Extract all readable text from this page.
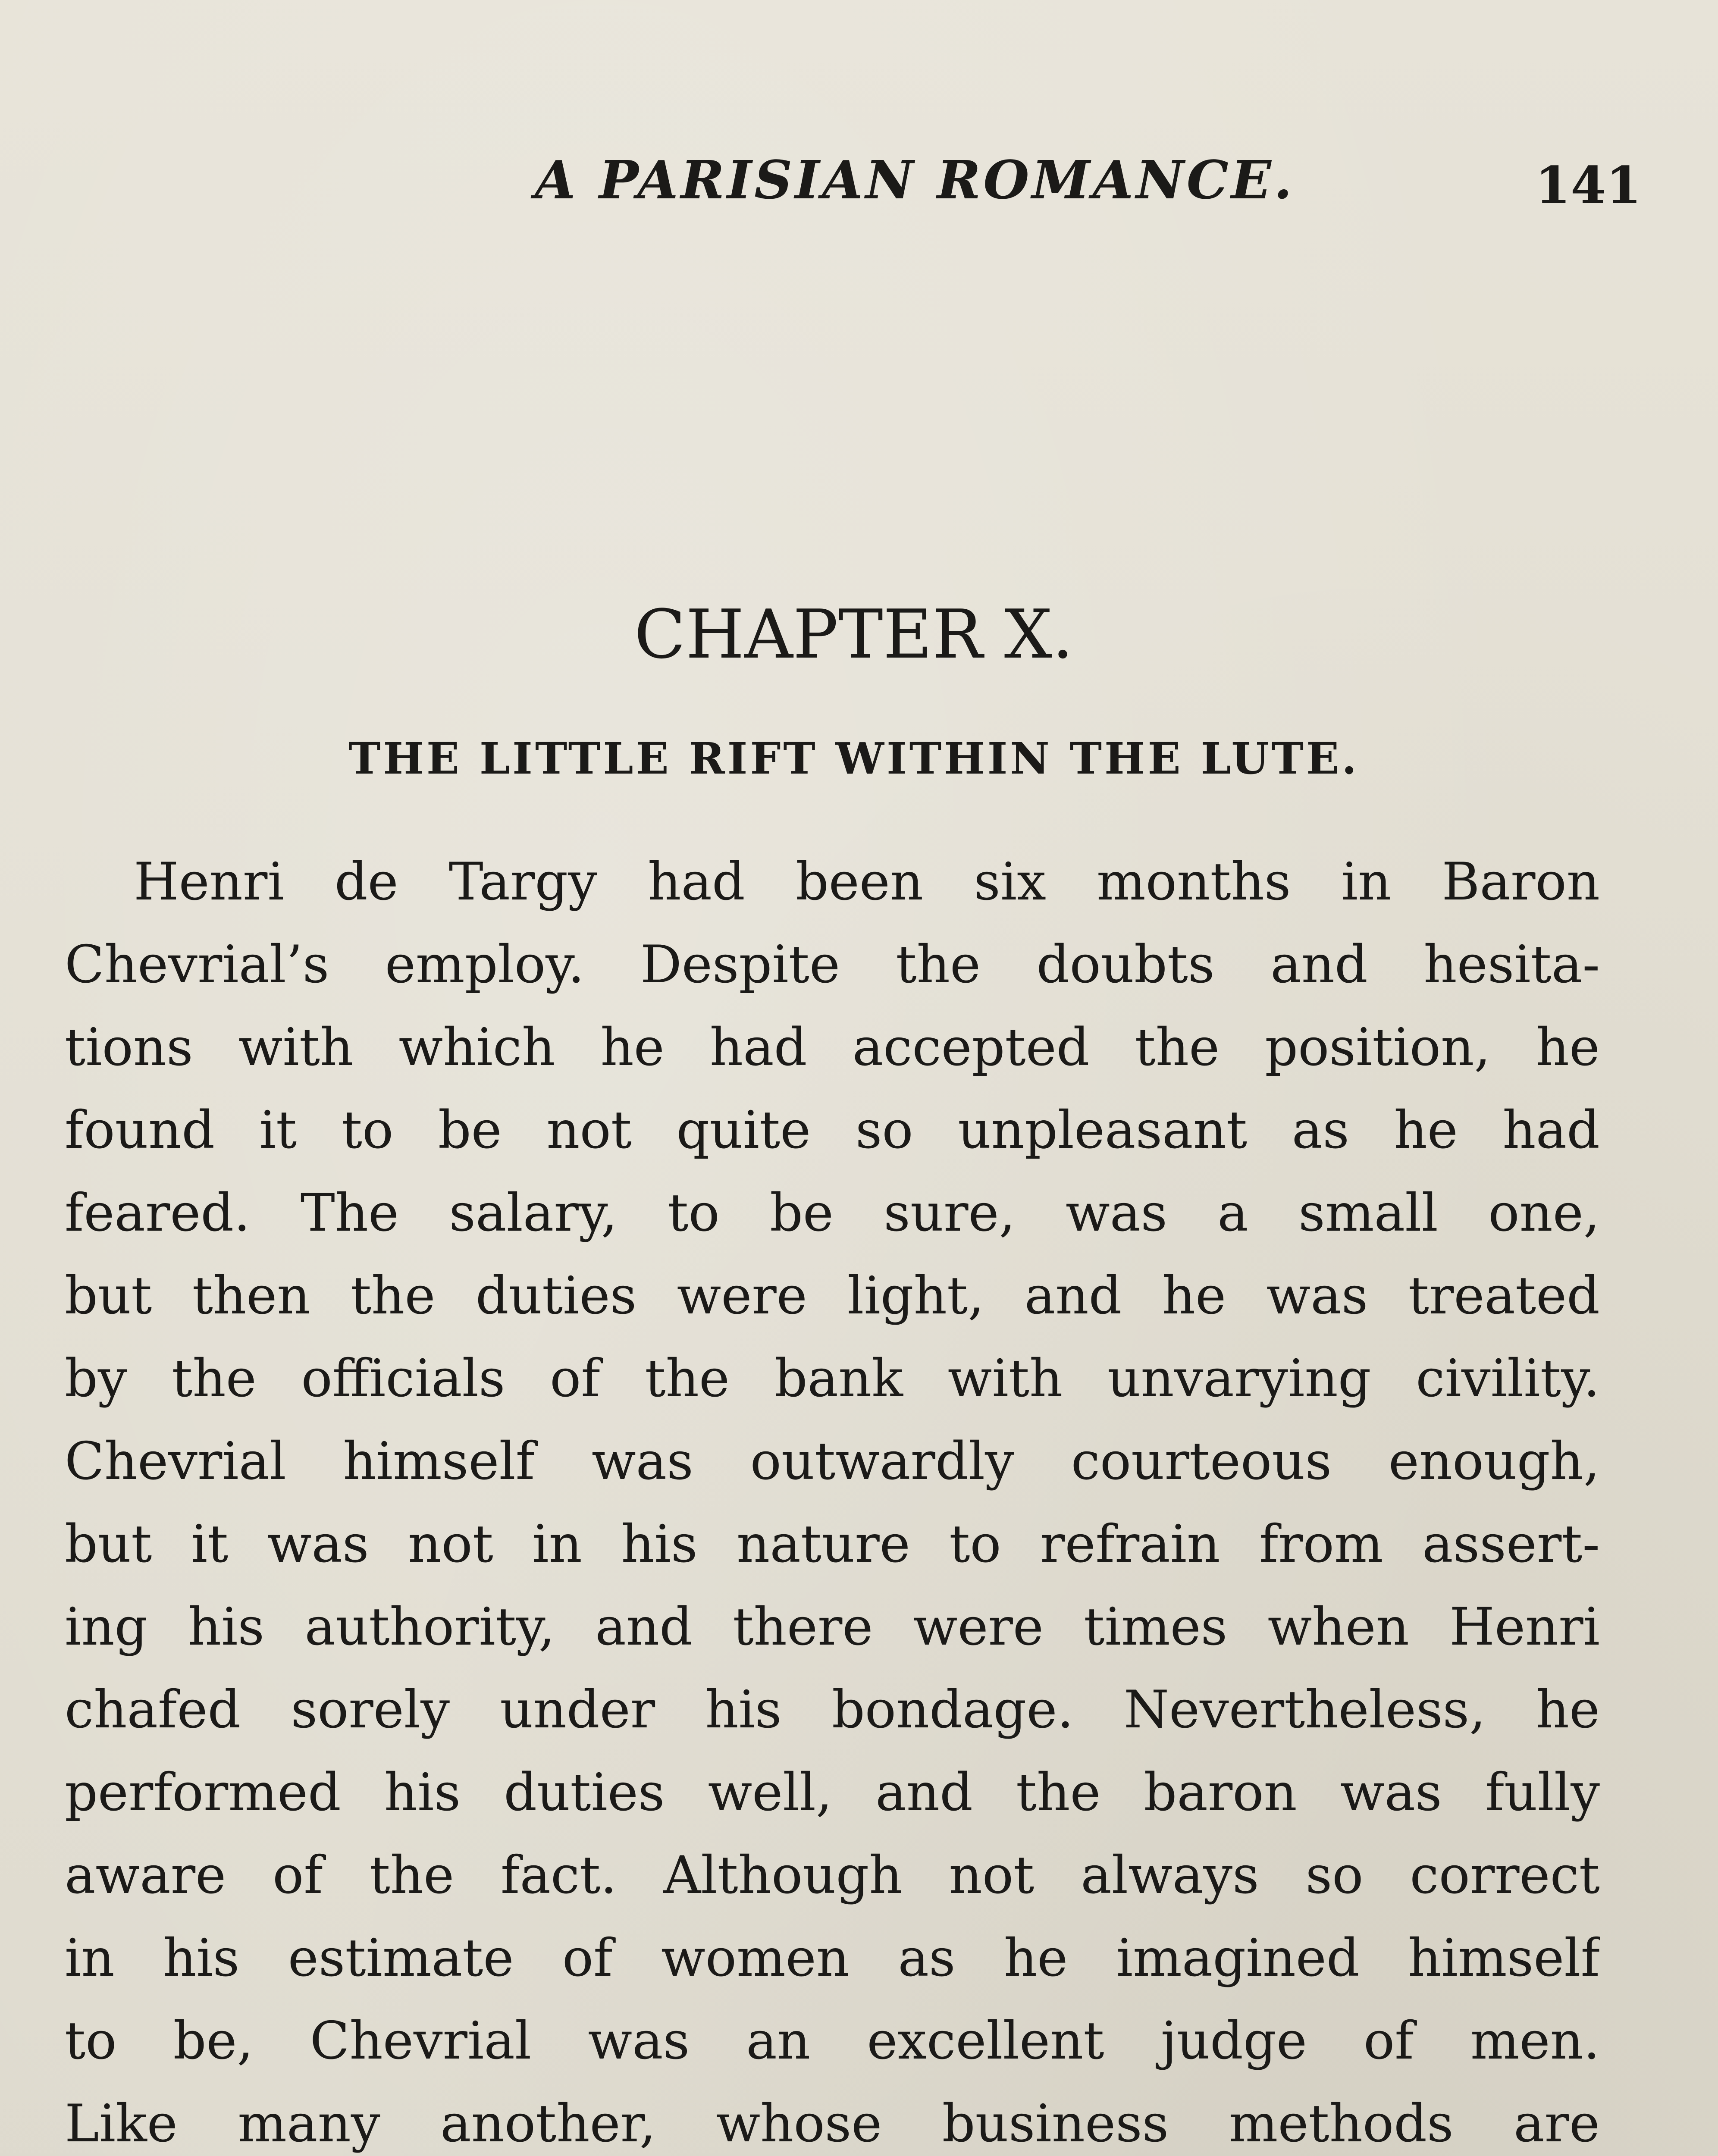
A PARISIAN ROMANCE.	141
CHAPTER X.
THE LITTLE RIFT WITHIN THE LUTE.
Henri de Targy had been six months in Baron
Chevrial’s employ. Despite the doubts and hesita-
tions with which he had accepted the position, he
found it to be not quite so unpleasant as he had
feared. The salary, to be sure, was a small one,
but then the duties were light, and he was treated
by the officials of the bank with unvarying civility.
Chevrial himself was outwardly courteous enough,
but it was not in his nature to refrain from assert-
ing his authority, and there were times when Henri
chafed sorely under his bondage. Nevertheless, he
performed his duties well, and the baron was fully
aware of the fact. Although not always so correct
in his estimate of women as he imagined himself
to be, Chevrial was an excellent judge of men.
Like many another, whose business methods are
